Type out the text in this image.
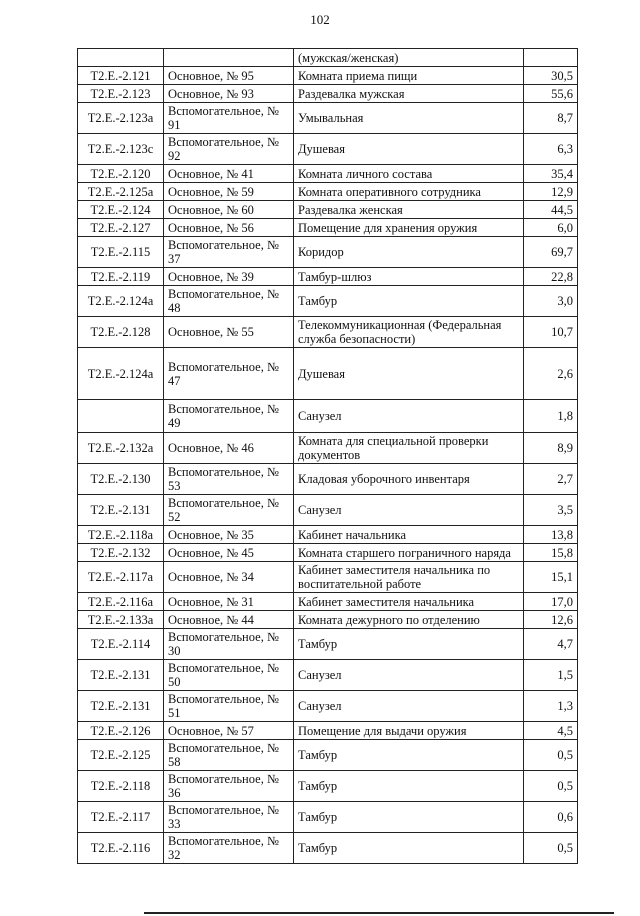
102
		(мужская/женская)	
Т2.Е.-2.121	Основное, № 95	Комната приема пищи	30,5
Т2.Е.-2.123	Основное, № 93	Раздевалка мужская	55,6
Т2.Е.-2.123а	Вспомогательное, № 91	Умывальная	8,7
Т2.Е.-2.123с	Вспомогательное, № 92	Душевая	6,3
Т2.Е.-2.120	Основное, № 41	Комната личного состава	35,4
Т2.Е.-2.125а	Основное, № 59	Комната оперативного сотрудника	12,9
Т2.Е.-2.124	Основное, № 60	Раздевалка женская	44,5
Т2.Е.-2.127	Основное, № 56	Помещение для хранения оружия	6,0
Т2.Е.-2.115	Вспомогательное, № 37	Коридор	69,7
Т2.Е.-2.119	Основное, № 39	Тамбур-шлюз	22,8
Т2.Е.-2.124а	Вспомогательное, № 48	Тамбур	3,0
Т2.Е.-2.128	Основное, № 55	Телекоммуникационная (Федеральная служба безопасности)	10,7
Т2.Е.-2.124а	Вспомогательное, № 47	Душевая	2,6
	Вспомогательное, № 49	Санузел	1,8
Т2.Е.-2.132а	Основное, № 46	Комната для специальной проверки документов	8,9
Т2.Е.-2.130	Вспомогательное, № 53	Кладовая уборочного инвентаря	2,7
Т2.Е.-2.131	Вспомогательное, № 52	Санузел	3,5
Т2.Е.-2.118а	Основное, № 35	Кабинет начальника	13,8
Т2.Е.-2.132	Основное, № 45	Комната старшего пограничного наряда	15,8
Т2.Е.-2.117а	Основное, № 34	Кабинет заместителя начальника по воспитательной работе	15,1
Т2.Е.-2.116а	Основное, № 31	Кабинет заместителя начальника	17,0
Т2.Е.-2.133а	Основное, № 44	Комната дежурного по отделению	12,6
Т2.Е.-2.114	Вспомогательное, № 30	Тамбур	4,7
Т2.Е.-2.131	Вспомогательное, № 50	Санузел	1,5
Т2.Е.-2.131	Вспомогательное, № 51	Санузел	1,3
Т2.Е.-2.126	Основное, № 57	Помещение для выдачи оружия	4,5
Т2.Е.-2.125	Вспомогательное, № 58	Тамбур	0,5
Т2.Е.-2.118	Вспомогательное, № 36	Тамбур	0,5
Т2.Е.-2.117	Вспомогательное, № 33	Тамбур	0,6
Т2.Е.-2.116	Вспомогательное, № 32	Тамбур	0,5
